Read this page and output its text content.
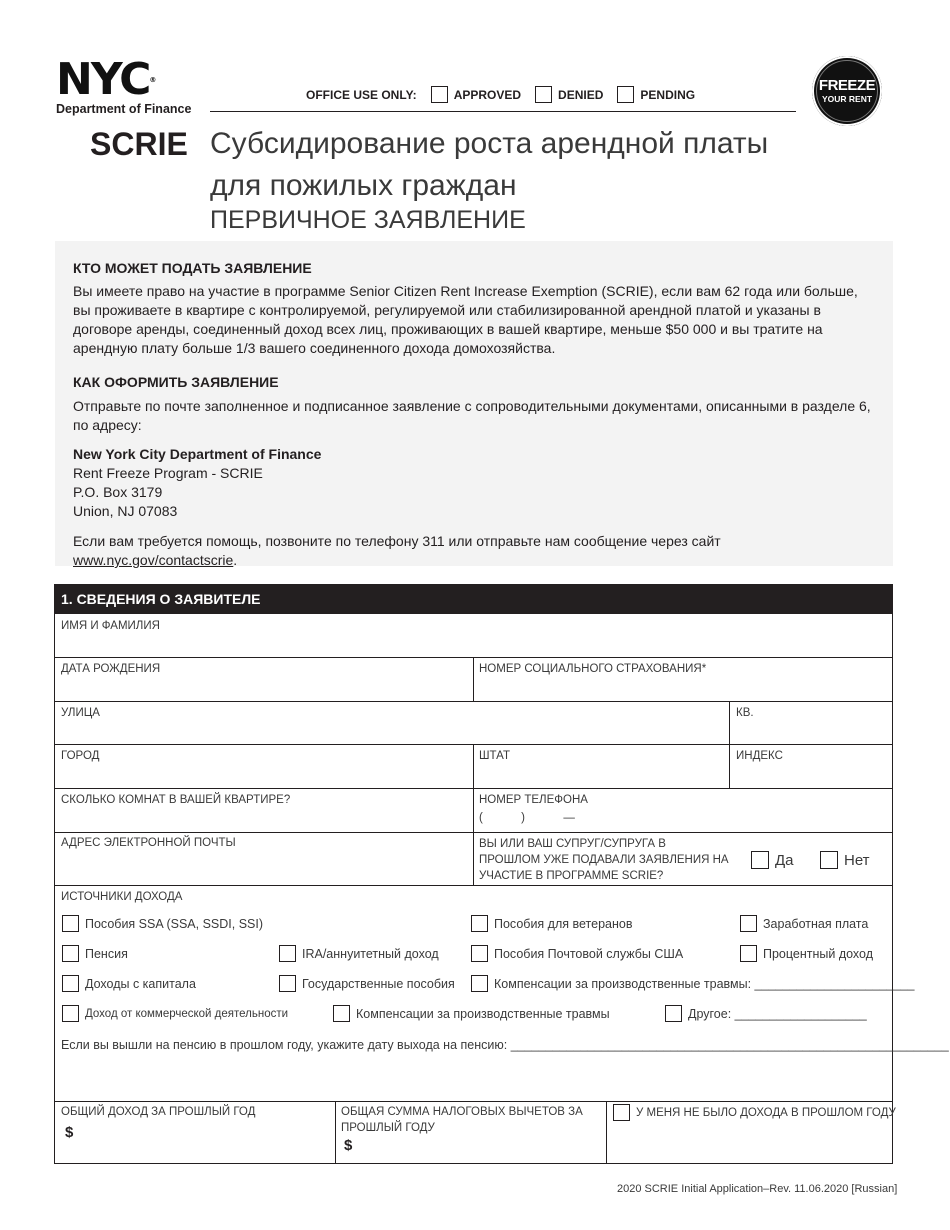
NYC®
Department of Finance
OFFICE USE ONLY:	APPROVED	DENIED	PENDING
FREEZE
YOUR RENT
SCRIE Субсидирование роста арендной платы
для пожилых граждан
ПЕРВИЧНОЕ ЗАЯВЛЕНИЕ
КТО МОЖЕТ ПОДАТЬ ЗАЯВЛЕНИЕ

Вы имеете право на участие в программе Senior Citizen Rent Increase Exemption (SCRIE), если вам 62 года или больше, вы проживаете в квартире с контролируемой, регулируемой или стабилизированной арендной платой и указаны в договоре аренды, соединенный доход всех лиц, проживающих в вашей квартире, меньше $50 000 и вы тратите на арендную плату больше 1/3 вашего соединенного дохода домохозяйства.

КАК ОФОРМИТЬ ЗАЯВЛЕНИЕ

Отправьте по почте заполненное и подписанное заявление с сопроводительными документами, описанными в разделе 6, по адресу:

New York City Department of Finance

Rent Freeze Program - SCRIE

P.O. Box 3179

Union, NJ 07083

Если вам требуется помощь, позвоните по телефону 311 или отправьте нам сообщение через сайт www.nyc.gov/contactscrie.

1. СВЕДЕНИЯ О ЗАЯВИТЕЛЕ
ИМЯ И ФАМИЛИЯ
ДАТА РОЖДЕНИЯ	НОМЕР СОЦИАЛЬНОГО СТРАХОВАНИЯ*
УЛИЦА	КВ.
ГОРОД	ШТАТ	ИНДЕКС
СКОЛЬКО КОМНАТ В ВАШЕЙ КВАРТИРЕ?	НОМЕР ТЕЛЕФОНА
(            )            —
АДРЕС ЭЛЕКТРОННОЙ ПОЧТЫ	ВЫ ИЛИ ВАШ СУПРУГ/СУПРУГА В ПРОШЛОМ УЖЕ ПОДАВАЛИ ЗАЯВЛЕНИЯ НА УЧАСТИЕ В ПРОГРАММЕ SCRIE?
Да	Нет
ИСТОЧНИКИ ДОХОДА
Пособия SSA (SSA, SSDI, SSI)	Пособия для ветеранов	Заработная плата
Пенсия	IRA/аннуитетный доход	Пособия Почтовой службы США	Процентный доход
Доходы с капитала	Государственные пособия	Компенсации за производственные травмы: _______________________
Доход от коммерческой деятельности	Компенсации за производственные травмы	Другое: ___________________
Если вы вышли на пенсию в прошлом году, укажите дату выхода на пенсию: _______________________________________________________________
ОБЩИЙ ДОХОД ЗА ПРОШЛЫЙ ГОД
$
ОБЩАЯ СУММА НАЛОГОВЫХ ВЫЧЕТОВ ЗА ПРОШЛЫЙ ГОДУ
$
У МЕНЯ НЕ БЫЛО ДОХОДА В ПРОШЛОМ ГОДУ
2020 SCRIE Initial Application–Rev. 11.06.2020 [Russian]
